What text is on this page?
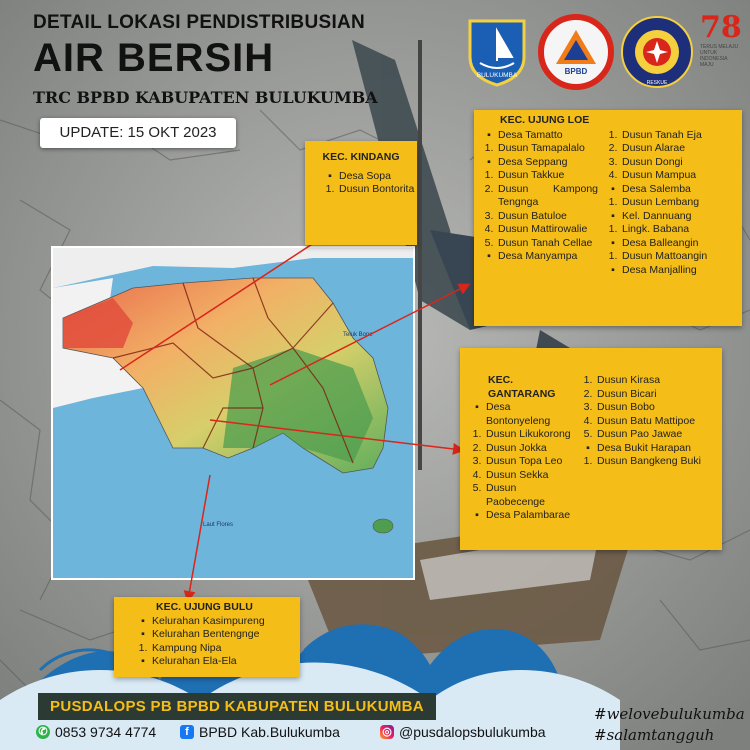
DETAIL LOKASI PENDISTRIBUSIAN
AIR BERSIH
TRC BPBD KABUPATEN BULUKUMBA
UPDATE: 15 OKT 2023
BULUKUMBA	BPBD
RESKUE
78
TERUS MELAJU UNTUK INDONESIA MAJU
Teluk Bone
Laut Flores
KEC. KINDANG
▪ Desa Sopa
1. Dusun Bontorita
KEC. UJUNG LOE
▪ Desa Tamatto
1. Dusun Tamapalalo
▪ Desa Seppang
1. Dusun Takkue
2. Dusun Kampong Tengnga
3. Dusun Batuloe
4. Dusun Mattirowalie
5. Dusun Tanah Cellae
▪ Desa Manyampa
1. Dusun Tanah Eja
2. Dusun Alarae
3. Dusun Dongi
4. Dusun Mampua
▪ Desa Salemba
1. Dusun Lembang
▪ Kel. Dannuang
1. Lingk. Babana
▪ Desa Balleangin
1. Dusun Mattoangin
▪ Desa Manjalling
KEC. GANTARANG
▪ Desa Bontonyeleng
1. Dusun Likukorong
2. Dusun Jokka
3. Dusun Topa Leo
4. Dusun Sekka
5. Dusun Paobecenge
▪ Desa Palambarae
1. Dusun Kirasa
2. Dusun Bicari
3. Dusun Bobo
4. Dusun Batu Mattipoe
5. Dusun Pao Jawae
▪ Desa Bukit Harapan
1. Dusun Bangkeng Buki
KEC. UJUNG BULU
▪ Kelurahan Kasimpureng
▪ Kelurahan Bentengnge
1. Kampung Nipa
▪ Kelurahan Ela-Ela
PUSDALOPS PB BPBD KABUPATEN BULUKUMBA
✆ 0853 9734 4774	f BPBD Kab.Bulukumba	◎ @pusdalopsbulukumba
#welovebulukumba
#salamtangguh
